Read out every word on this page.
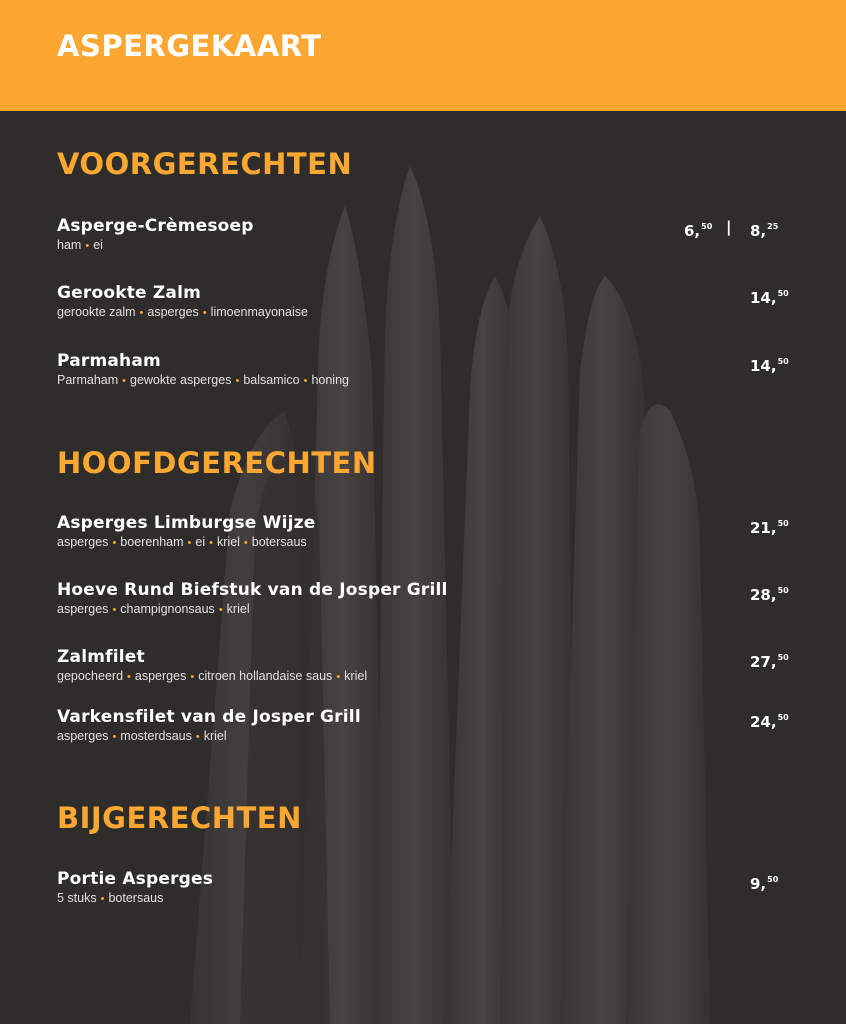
ASPERGEKAART
VOORGERECHTEN
Asperge-Crèmesoep
ham • ei
6,50 | 8,25
Gerookte Zalm
gerookte zalm • asperges • limoenmayonaise
14,50
Parmaham
Parmaham • gewokte asperges • balsamico • honing
14,50
HOOFDGERECHTEN
Asperges Limburgse Wijze
asperges • boerenham • ei • kriel • botersaus
21,50
Hoeve Rund Biefstuk van de Josper Grill
asperges • champignonsaus • kriel
28,50
Zalmfilet
gepocheerd • asperges • citroen hollandaise saus • kriel
27,50
Varkensfilet van de Josper Grill
asperges • mosterdsaus • kriel
24,50
BIJGERECHTEN
Portie Asperges
5 stuks • botersaus
9,50
